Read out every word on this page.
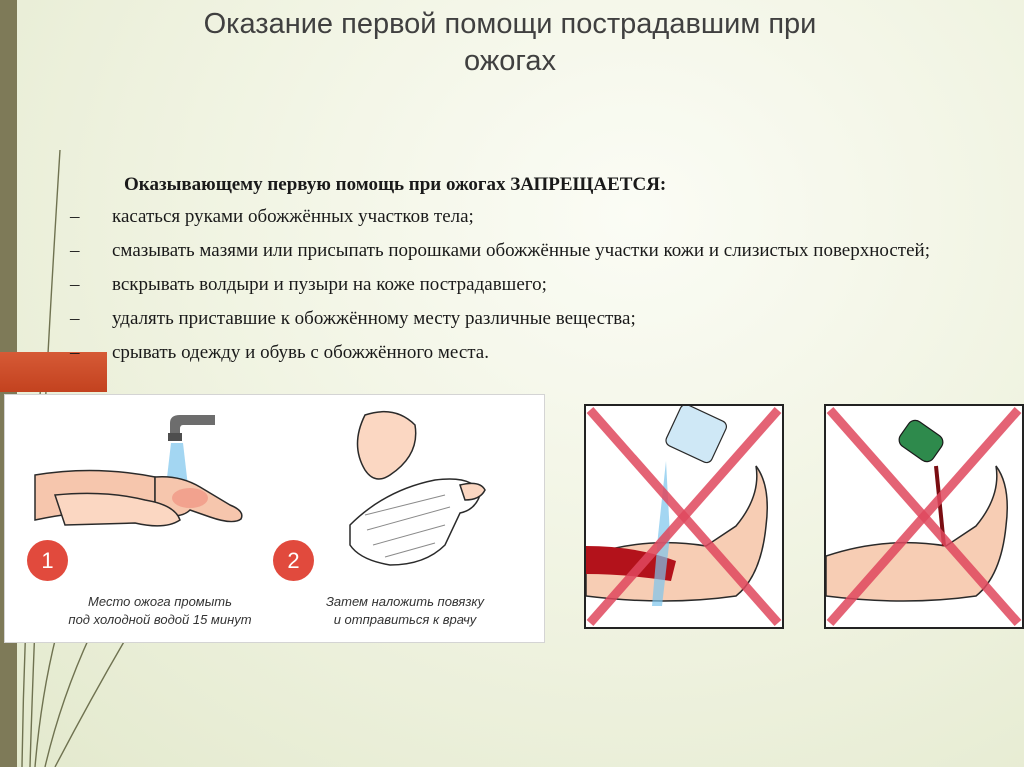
Оказание первой помощи пострадавшим при
ожогах
Оказывающему первую помощь при ожогах ЗАПРЕЩАЕТСЯ:
– касаться руками обожжённых участков тела;
– смазывать мазями или присыпать порошками обожжённые участки кожи и слизистых поверхностей;
– вскрывать волдыри и пузыри на коже пострадавшего;
– удалять приставшие к обожжённому месту различные вещества;
– срывать одежду и обувь с обожжённого места.
1
Место ожога промыть
под холодной водой 15 минут
2
Затем наложить повязку
и отправиться к врачу
